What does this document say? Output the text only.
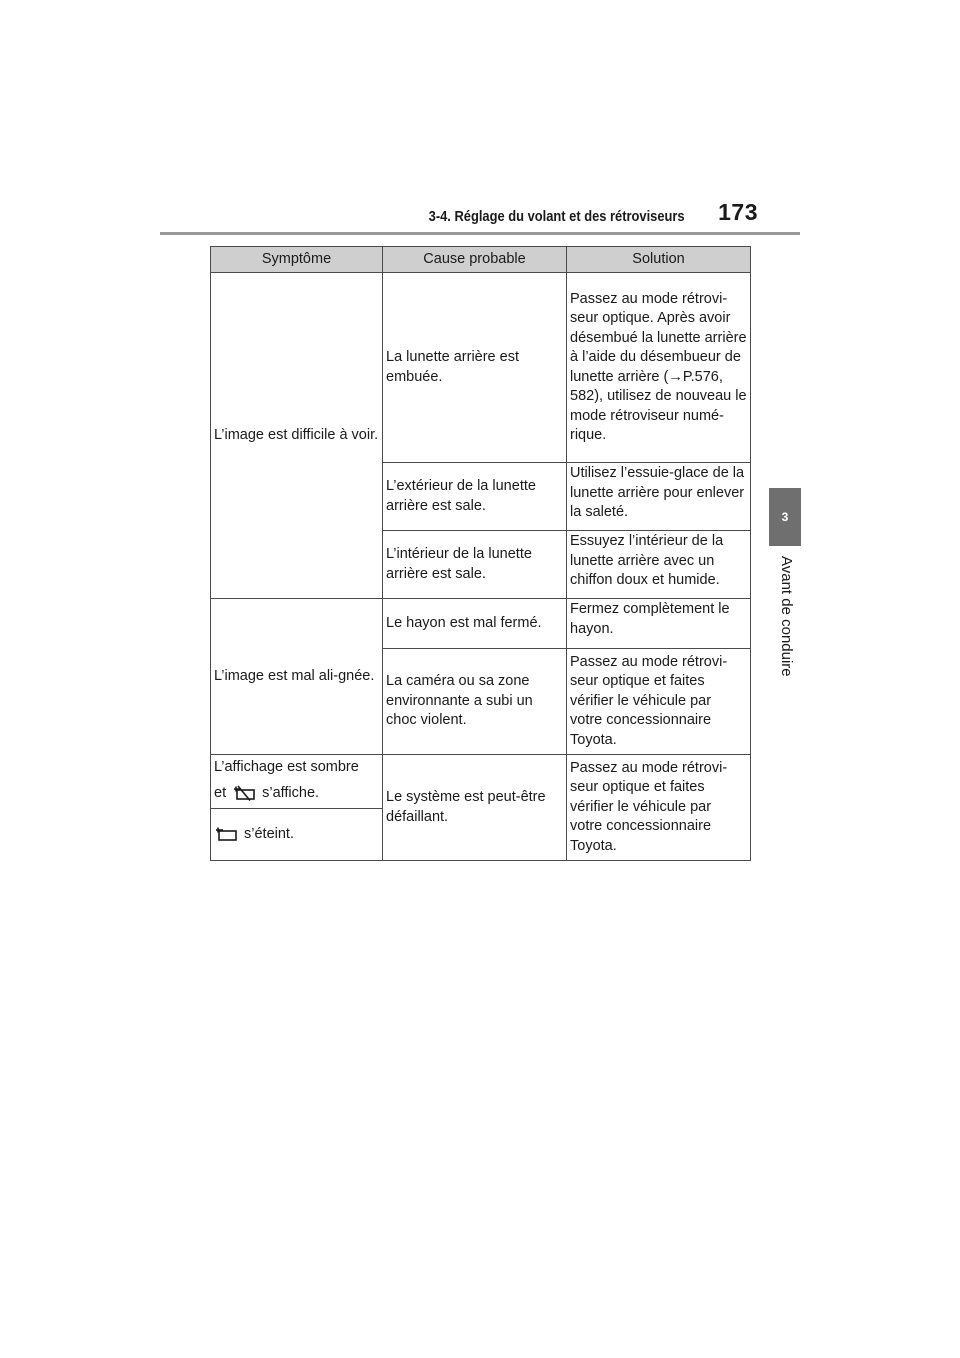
3-4. Réglage du volant et des rétroviseurs 173
3
Avant de conduire
Symptôme	Cause probable	Solution

L’image est difficile à voir.	La lunette arrière est embuée.	Passez au mode rétrovi-seur optique. Après avoir désembué la lunette arrière à l’aide du désembueur de lunette arrière (→P.576, 582), utilisez de nouveau le mode rétroviseur numé-rique.

	L’extérieur de la lunette arrière est sale.	Utilisez l’essuie-glace de la lunette arrière pour enlever la saleté.

	L’intérieur de la lunette arrière est sale.	Essuyez l’intérieur de la lunette arrière avec un chiffon doux et humide.

L’image est mal ali-gnée.	Le hayon est mal fermé.	Fermez complètement le hayon.

	La caméra ou sa zone environnante a subi un choc violent.	Passez au mode rétrovi-seur optique et faites vérifier le véhicule par votre concessionnaire Toyota.

L’affichage est sombre
et s’affiche.	Le système est peut-être défaillant.	Passez au mode rétrovi-seur optique et faites vérifier le véhicule par votre concessionnaire Toyota.

s’éteint.		
